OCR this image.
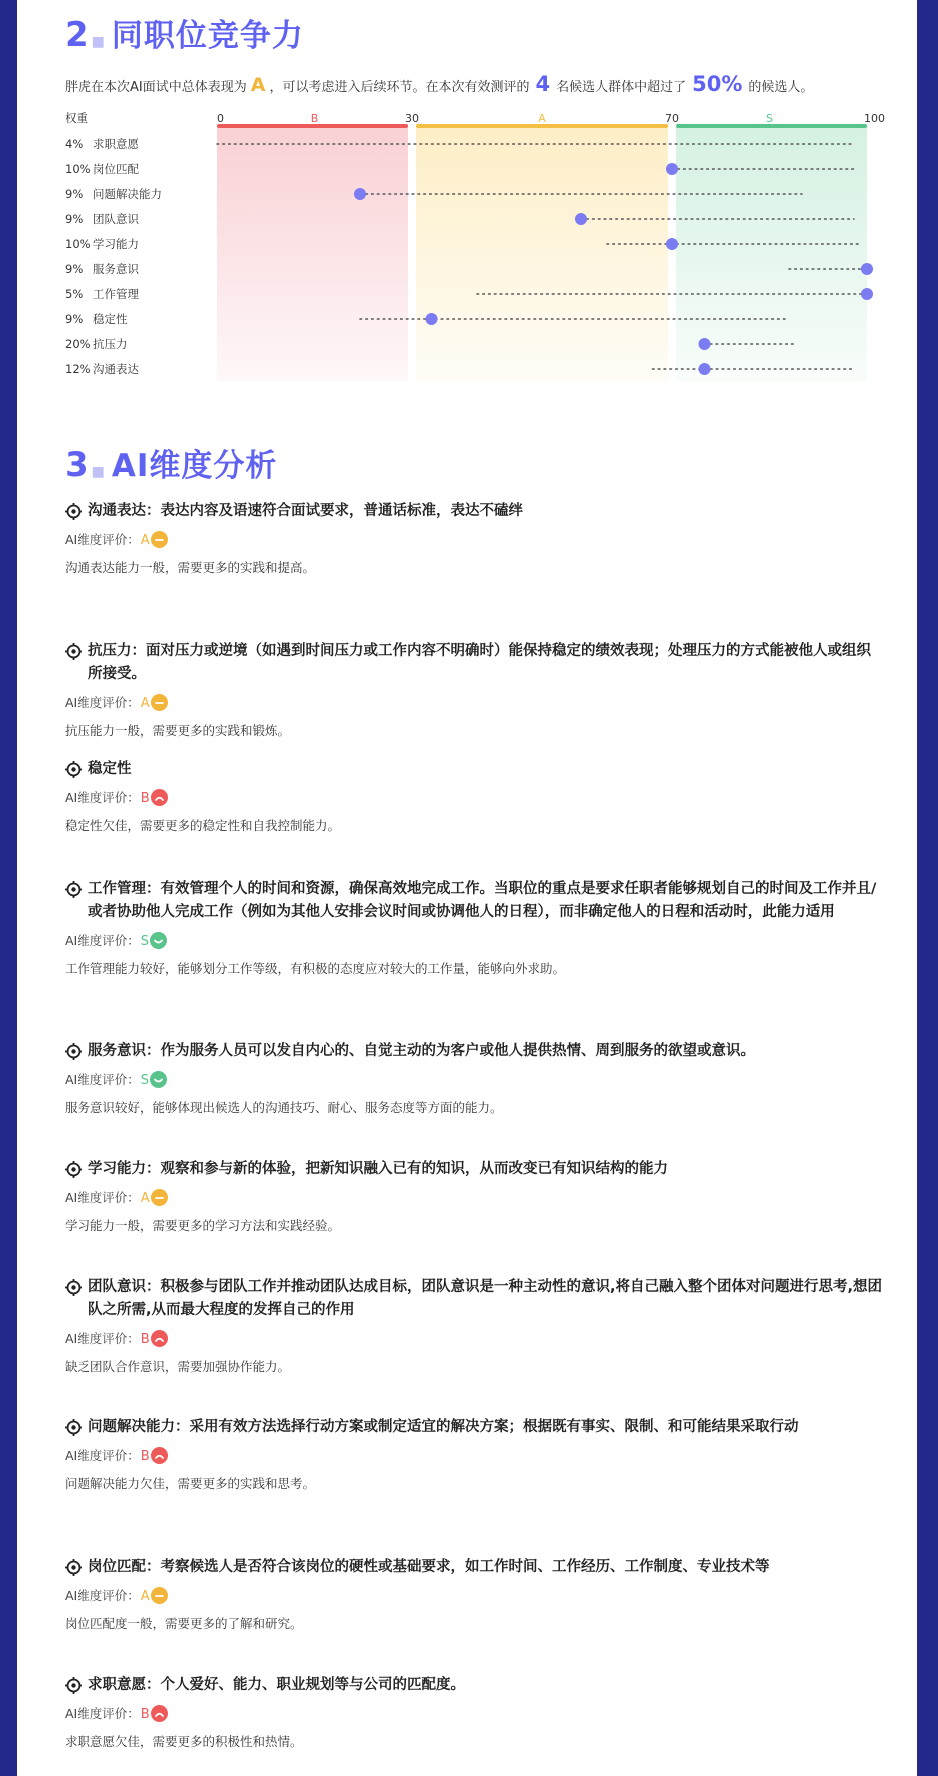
2 ■ 同职位竞争力
胖虎在本次AI面试中总体表现为 A ，可以考虑进入后续环节。在本次有效测评的 4 名候选人群体中超过了 50% 的候选人。
B	A	S
0	30	70	100
权重
4% 求职意愿
10% 岗位匹配
9% 问题解决能力
9% 团队意识
10% 学习能力
9% 服务意识
5% 工作管理
9% 稳定性
20% 抗压力
12% 沟通表达
3 ■ AI维度分析
沟通表达：表达内容及语速符合面试要求，普通话标准，表达不磕绊
AI维度评价：A
沟通表达能力一般，需要更多的实践和提高。
抗压力：面对压力或逆境（如遇到时间压力或工作内容不明确时）能保持稳定的绩效表现；处理压力的方式能被他人或组织所接受。
AI维度评价：A
抗压能力一般，需要更多的实践和锻炼。
稳定性
AI维度评价：B
稳定性欠佳，需要更多的稳定性和自我控制能力。
工作管理：有效管理个人的时间和资源，确保高效地完成工作。当职位的重点是要求任职者能够规划自己的时间及工作并且/或者协助他人完成工作（例如为其他人安排会议时间或协调他人的日程），而非确定他人的日程和活动时，此能力适用
AI维度评价：S
工作管理能力较好，能够划分工作等级，有积极的态度应对较大的工作量，能够向外求助。
服务意识：作为服务人员可以发自内心的、自觉主动的为客户或他人提供热情、周到服务的欲望或意识。
AI维度评价：S
服务意识较好，能够体现出候选人的沟通技巧、耐心、服务态度等方面的能力。
学习能力：观察和参与新的体验，把新知识融入已有的知识，从而改变已有知识结构的能力
AI维度评价：A
学习能力一般，需要更多的学习方法和实践经验。
团队意识：积极参与团队工作并推动团队达成目标，团队意识是一种主动性的意识,将自己融入整个团体对问题进行思考,想团队之所需,从而最大程度的发挥自己的作用
AI维度评价：B
缺乏团队合作意识，需要加强协作能力。
问题解决能力：采用有效方法选择行动方案或制定适宜的解决方案；根据既有事实、限制、和可能结果采取行动
AI维度评价：B
问题解决能力欠佳，需要更多的实践和思考。
岗位匹配：考察候选人是否符合该岗位的硬性或基础要求，如工作时间、工作经历、工作制度、专业技术等
AI维度评价：A
岗位匹配度一般，需要更多的了解和研究。
求职意愿：个人爱好、能力、职业规划等与公司的匹配度。
AI维度评价：B
求职意愿欠佳，需要更多的积极性和热情。
